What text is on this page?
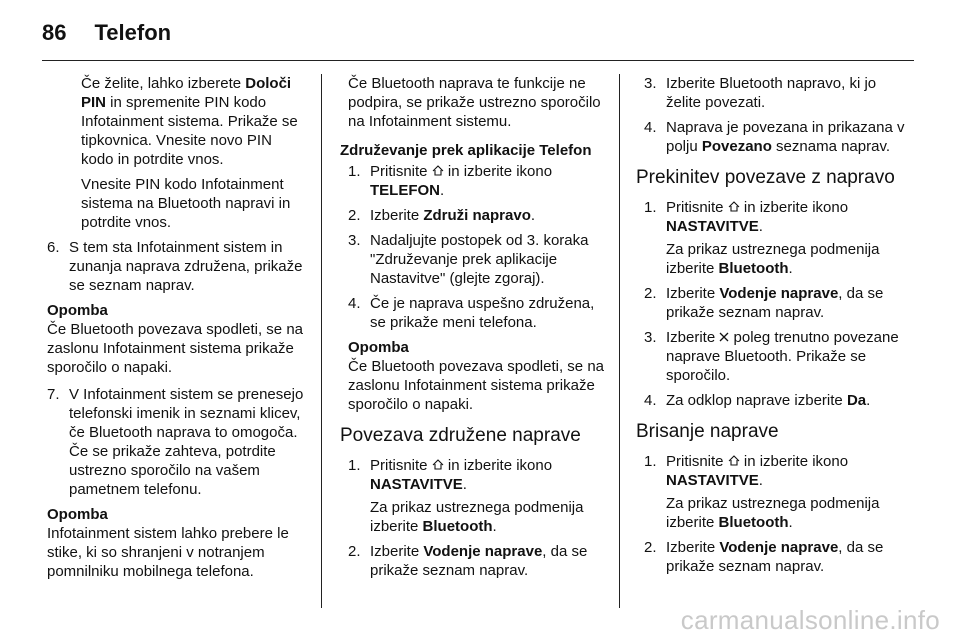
86 Telefon

Če želite, lahko izberete Določi PIN in spremenite PIN kodo Infotainment sistema. Prikaže se tipkovnica. Vnesite novo PIN kodo in potrdite vnos.

Vnesite PIN kodo Infotainment sistema na Bluetooth napravi in potrdite vnos.

6. S tem sta Infotainment sistem in zunanja naprava združena, prikaže se seznam naprav.

Opomba

Če Bluetooth povezava spodleti, se na zaslonu Infotainment sistema prikaže sporočilo o napaki.

7. V Infotainment sistem se prenesejo telefonski imenik in seznami klicev, če Bluetooth naprava to omogoča. Če se prikaže zahteva, potrdite ustrezno sporočilo na vašem pametnem telefonu.

Opomba

Infotainment sistem lahko prebere le stike, ki so shranjeni v notranjem pomnilniku mobilnega telefona.

Če Bluetooth naprava te funkcije ne podpira, se prikaže ustrezno sporočilo na Infotainment sistemu.

Združevanje prek aplikacije Telefon

1. Pritisnite  in izberite ikono TELEFON.
2. Izberite Združi napravo.
3. Nadaljujte postopek od 3. koraka "Združevanje prek aplikacije Nastavitve" (glejte zgoraj).
4. Če je naprava uspešno združena, se prikaže meni telefona.

Opomba

Če Bluetooth povezava spodleti, se na zaslonu Infotainment sistema prikaže sporočilo o napaki.

Povezava združene naprave

1. Pritisnite  in izberite ikono NASTAVITVE.

Za prikaz ustreznega podmenija izberite Bluetooth.

2. Izberite Vodenje naprave, da se prikaže seznam naprav.
3. Izberite Bluetooth napravo, ki jo želite povezati.
4. Naprava je povezana in prikazana v polju Povezano seznama naprav.

Prekinitev povezave z napravo

1. Pritisnite  in izberite ikono NASTAVITVE.

Za prikaz ustreznega podmenija izberite Bluetooth.

2. Izberite Vodenje naprave, da se prikaže seznam naprav.
3. Izberite  poleg trenutno povezane naprave Bluetooth. Prikaže se sporočilo.
4. Za odklop naprave izberite Da.

Brisanje naprave

1. Pritisnite  in izberite ikono NASTAVITVE.

Za prikaz ustreznega podmenija izberite Bluetooth.

2. Izberite Vodenje naprave, da se prikaže seznam naprav.
carmanualsonline.info
